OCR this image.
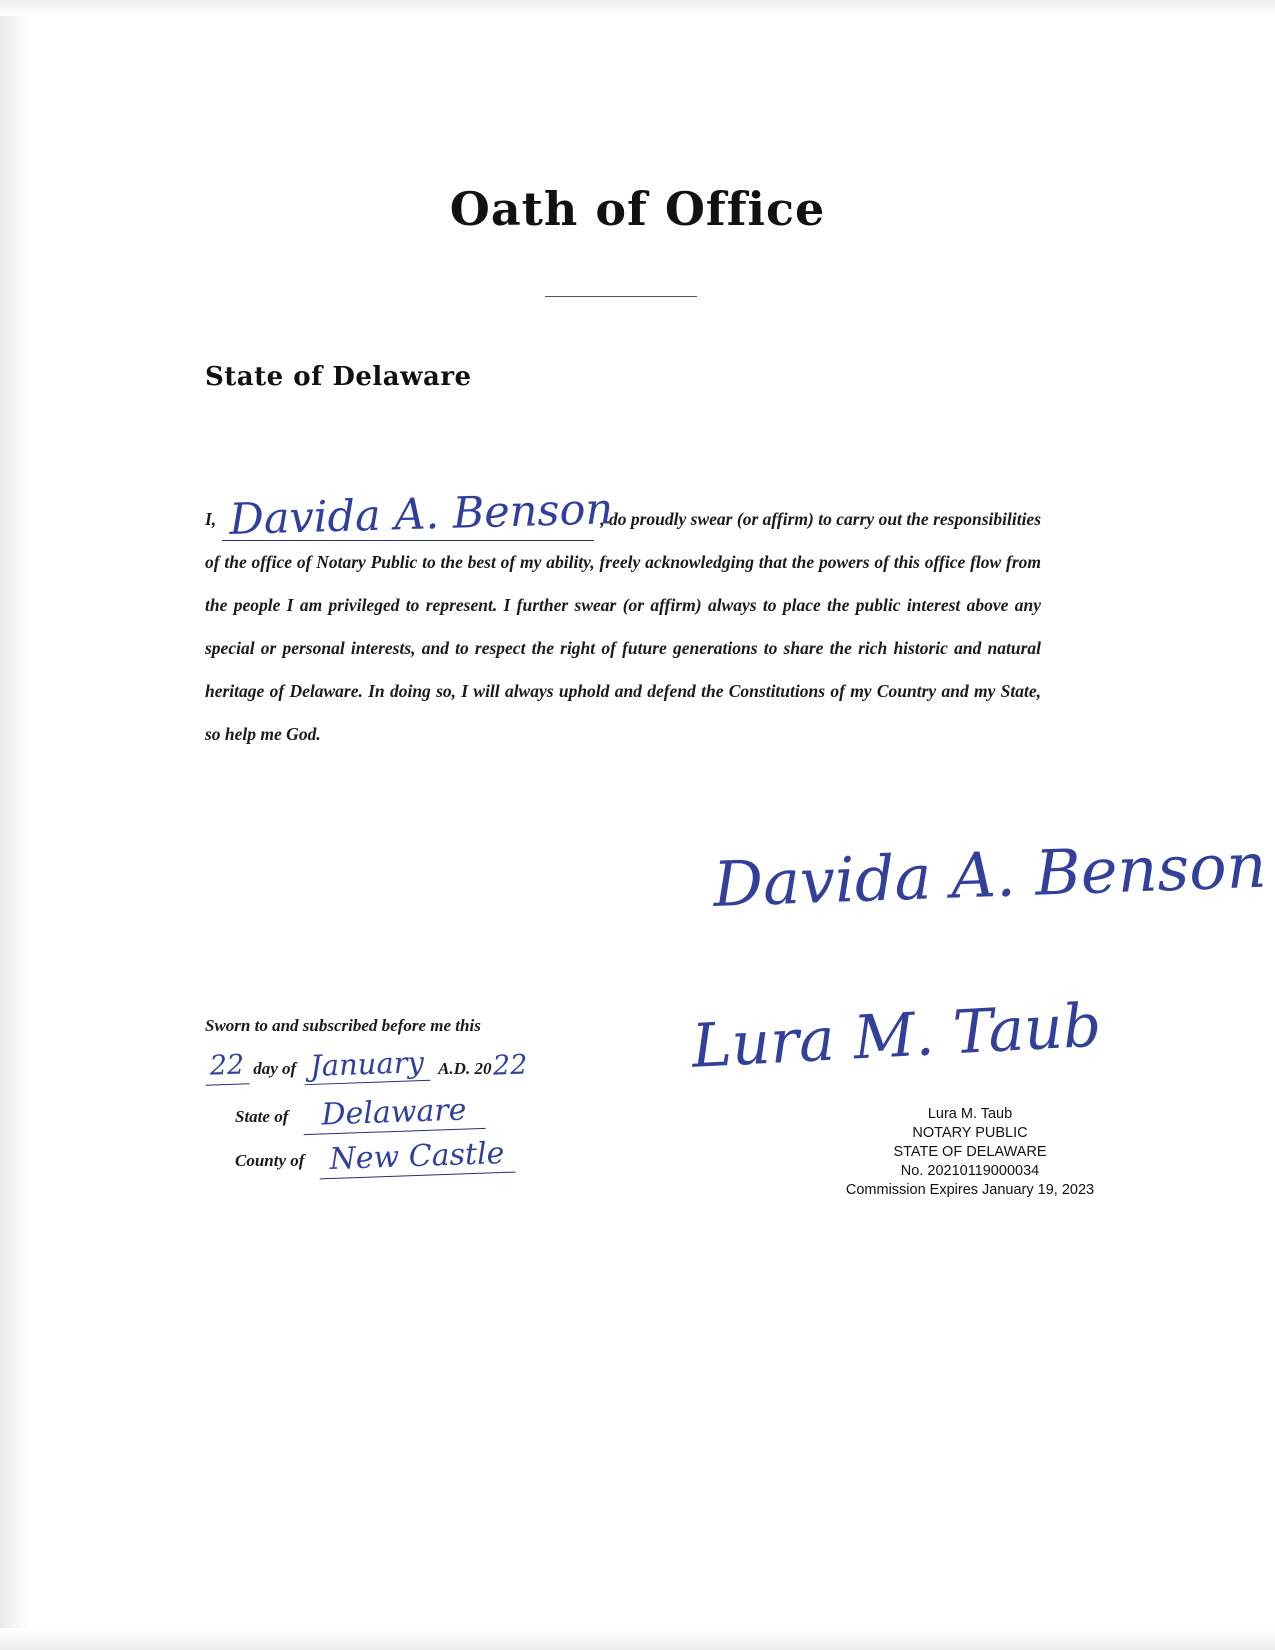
Oath of Office
State of Delaware
I, Davida A. Benson
, do proudly swear (or affirm) to carry out the responsibilities of the office of Notary Public to the best of my ability, freely acknowledging that the powers of this office flow from the people I am privileged to represent. I further swear (or affirm) always to place the public interest above any special or personal interests, and to respect the right of future generations to share the rich historic and natural heritage of Delaware. In doing so, I will always uphold and defend the Constitutions of my Country and my State, so help me God.
Davida A. Benson
Sworn to and subscribed before me this
22 day of January A.D. 2022
State of Delaware
County of New Castle
Lura M. Taub
Lura M. Taub
NOTARY PUBLIC
STATE OF DELAWARE
No. 20210119000034
Commission Expires January 19, 2023
